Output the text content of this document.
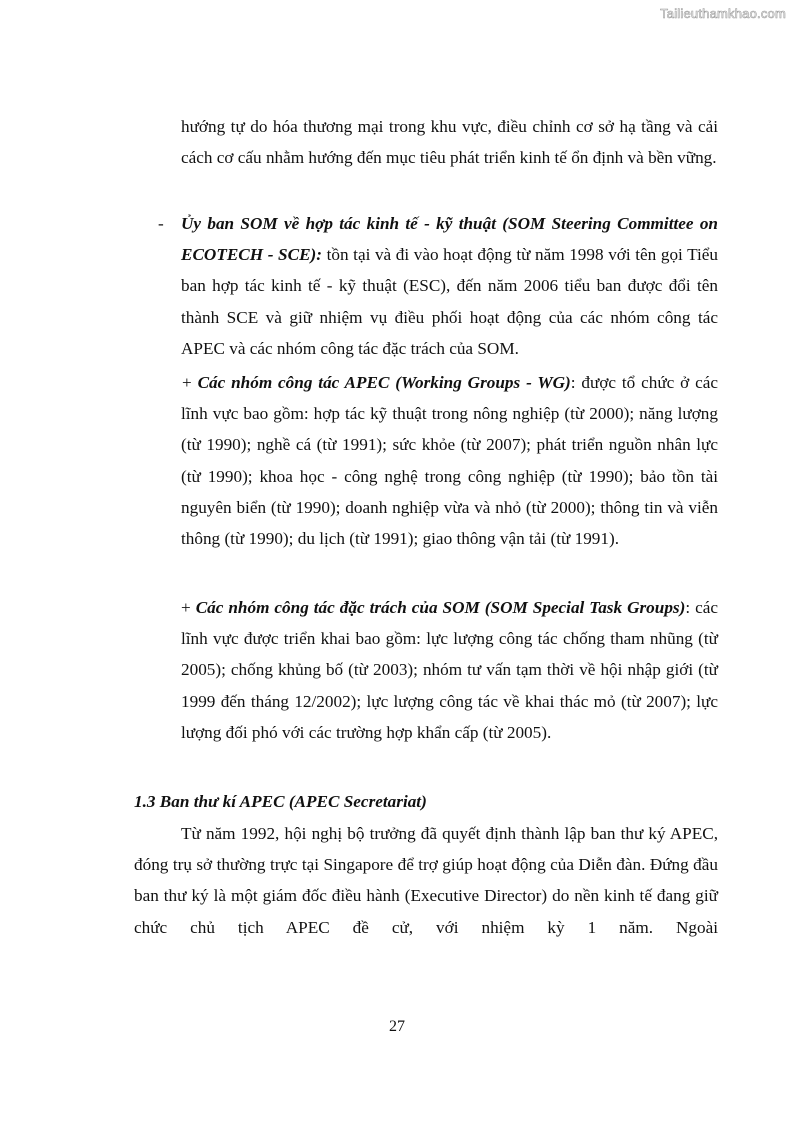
Tailieuthamkhao.com

hướng tự do hóa thương mại trong khu vực, điều chỉnh cơ sở hạ tầng và cải cách cơ cấu nhằm hướng đến mục tiêu phát triển kinh tế ổn định và bền vững.

- Ủy ban SOM về hợp tác kinh tế - kỹ thuật (SOM Steering Committee on ECOTECH - SCE): tồn tại và đi vào hoạt động từ năm 1998 với tên gọi Tiểu ban hợp tác kinh tế - kỹ thuật (ESC), đến năm 2006 tiểu ban được đổi tên thành SCE và giữ nhiệm vụ điều phối hoạt động của các nhóm công tác APEC và các nhóm công tác đặc trách của SOM.

+ Các nhóm công tác APEC (Working Groups - WG): được tổ chức ở các lĩnh vực bao gồm: hợp tác kỹ thuật trong nông nghiệp (từ 2000); năng lượng (từ 1990); nghề cá (từ 1991); sức khỏe (từ 2007); phát triển nguồn nhân lực (từ 1990); khoa học - công nghệ trong công nghiệp (từ 1990); bảo tồn tài nguyên biển (từ 1990); doanh nghiệp vừa và nhỏ (từ 2000); thông tin và viễn thông (từ 1990); du lịch (từ 1991); giao thông vận tải (từ 1991).

+ Các nhóm công tác đặc trách của SOM (SOM Special Task Groups): các lĩnh vực được triển khai bao gồm: lực lượng công tác chống tham nhũng (từ 2005); chống khủng bố (từ 2003); nhóm tư vấn tạm thời về hội nhập giới (từ 1999 đến tháng 12/2002); lực lượng công tác về khai thác mỏ (từ 2007); lực lượng đối phó với các trường hợp khẩn cấp (từ 2005).

1.3 Ban thư kí APEC (APEC Secretariat)

Từ năm 1992, hội nghị bộ trưởng đã quyết định thành lập ban thư ký APEC, đóng trụ sở thường trực tại Singapore để trợ giúp hoạt động của Diễn đàn. Đứng đầu ban thư ký là một giám đốc điều hành (Executive Director) do nền kinh tế đang giữ chức chủ tịch APEC đề cử, với nhiệm kỳ 1 năm. Ngoài

27
